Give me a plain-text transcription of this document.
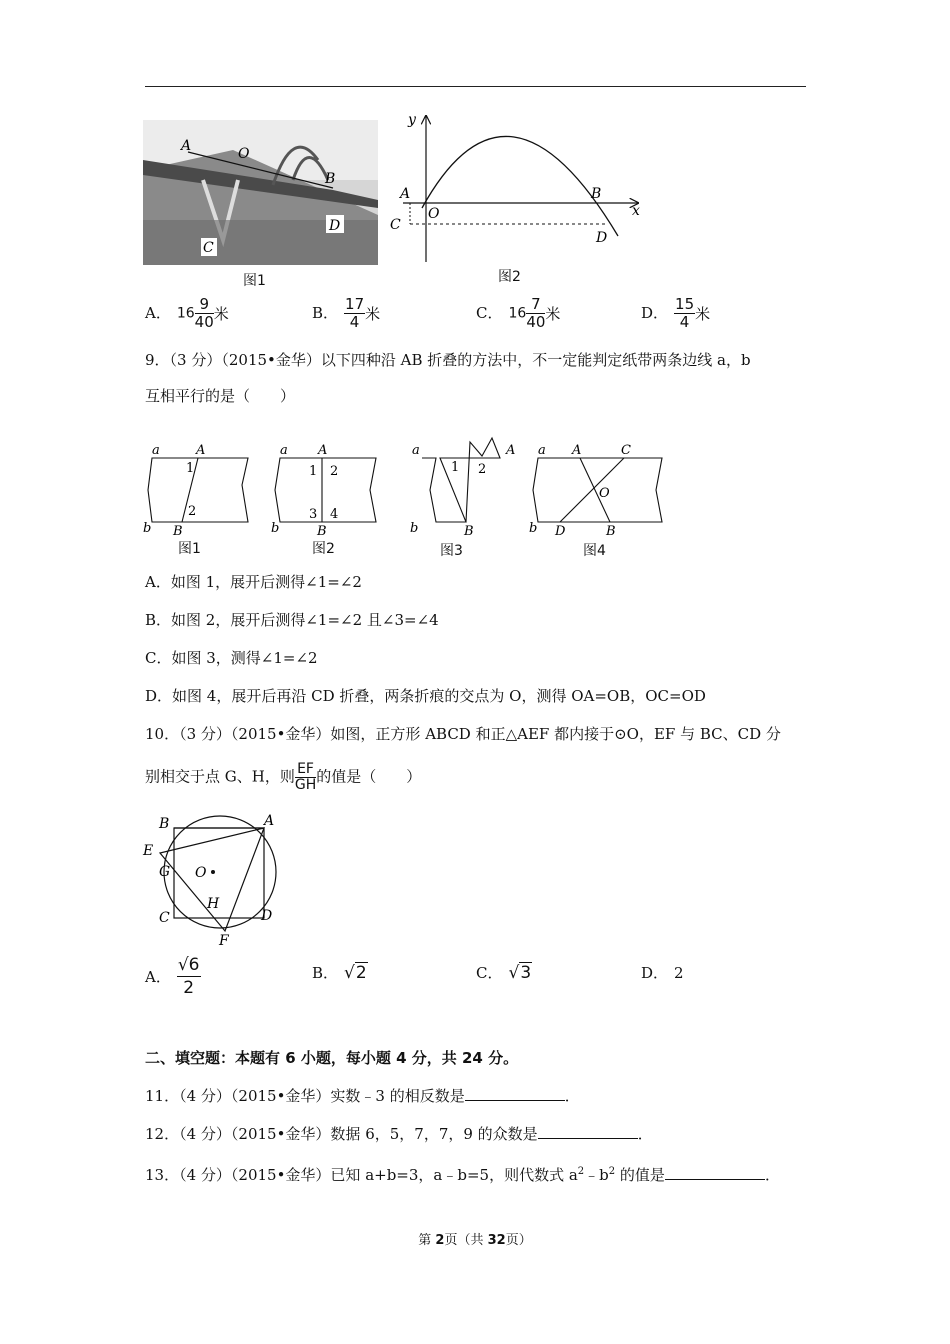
A	O
B
C
D
图1
y
x
A
O
B
C
D
图2
A． $16 \frac{9}{40}$ 米	B． $\frac{17}{4}$ 米	C． $16 \frac{7}{40}$ 米	D． $\frac{15}{4}$ 米
9．（3 分）（2015•金华）以下四种沿 AB 折叠的方法中，不一定能判定纸带两条边线 a，b
互相平行的是（　　）
a	A
1
2
b B
a A
1 2
3 4
b	B
a	A
1 2
b	B
a A	C
O
b D	B
图1	图2	图3	图4
A．如图 1，展开后测得∠1=∠2
B．如图 2，展开后测得∠1=∠2 且∠3=∠4
C．如图 3，测得∠1=∠2
D．如图 4，展开后再沿 CD 折叠，两条折痕的交点为 O，测得 OA=OB，OC=OD
10．（3 分）（2015•金华）如图，正方形 ABCD 和正△AEF 都内接于⊙O，EF 与 BC、CD 分
别相交于点 G、H，则 $\frac{EF}{GH}$ 的值是（　　）
B	A
E
G O
H
C	D
F
A． $\frac{√6}{2}$	B． √2	C． √3	D． 2
二、填空题：本题有 6 小题，每小题 4 分，共 24 分。
11．（4 分）（2015•金华）实数﹣3 的相反数是	．
12．（4 分）（2015•金华）数据 6，5，7，7，9 的众数是	．
13．（4 分）（2015•金华）已知 a+b=3，a﹣b=5，则代数式 $a^2﹣b^2$ 的值是	．
第 2页（共 32页）
